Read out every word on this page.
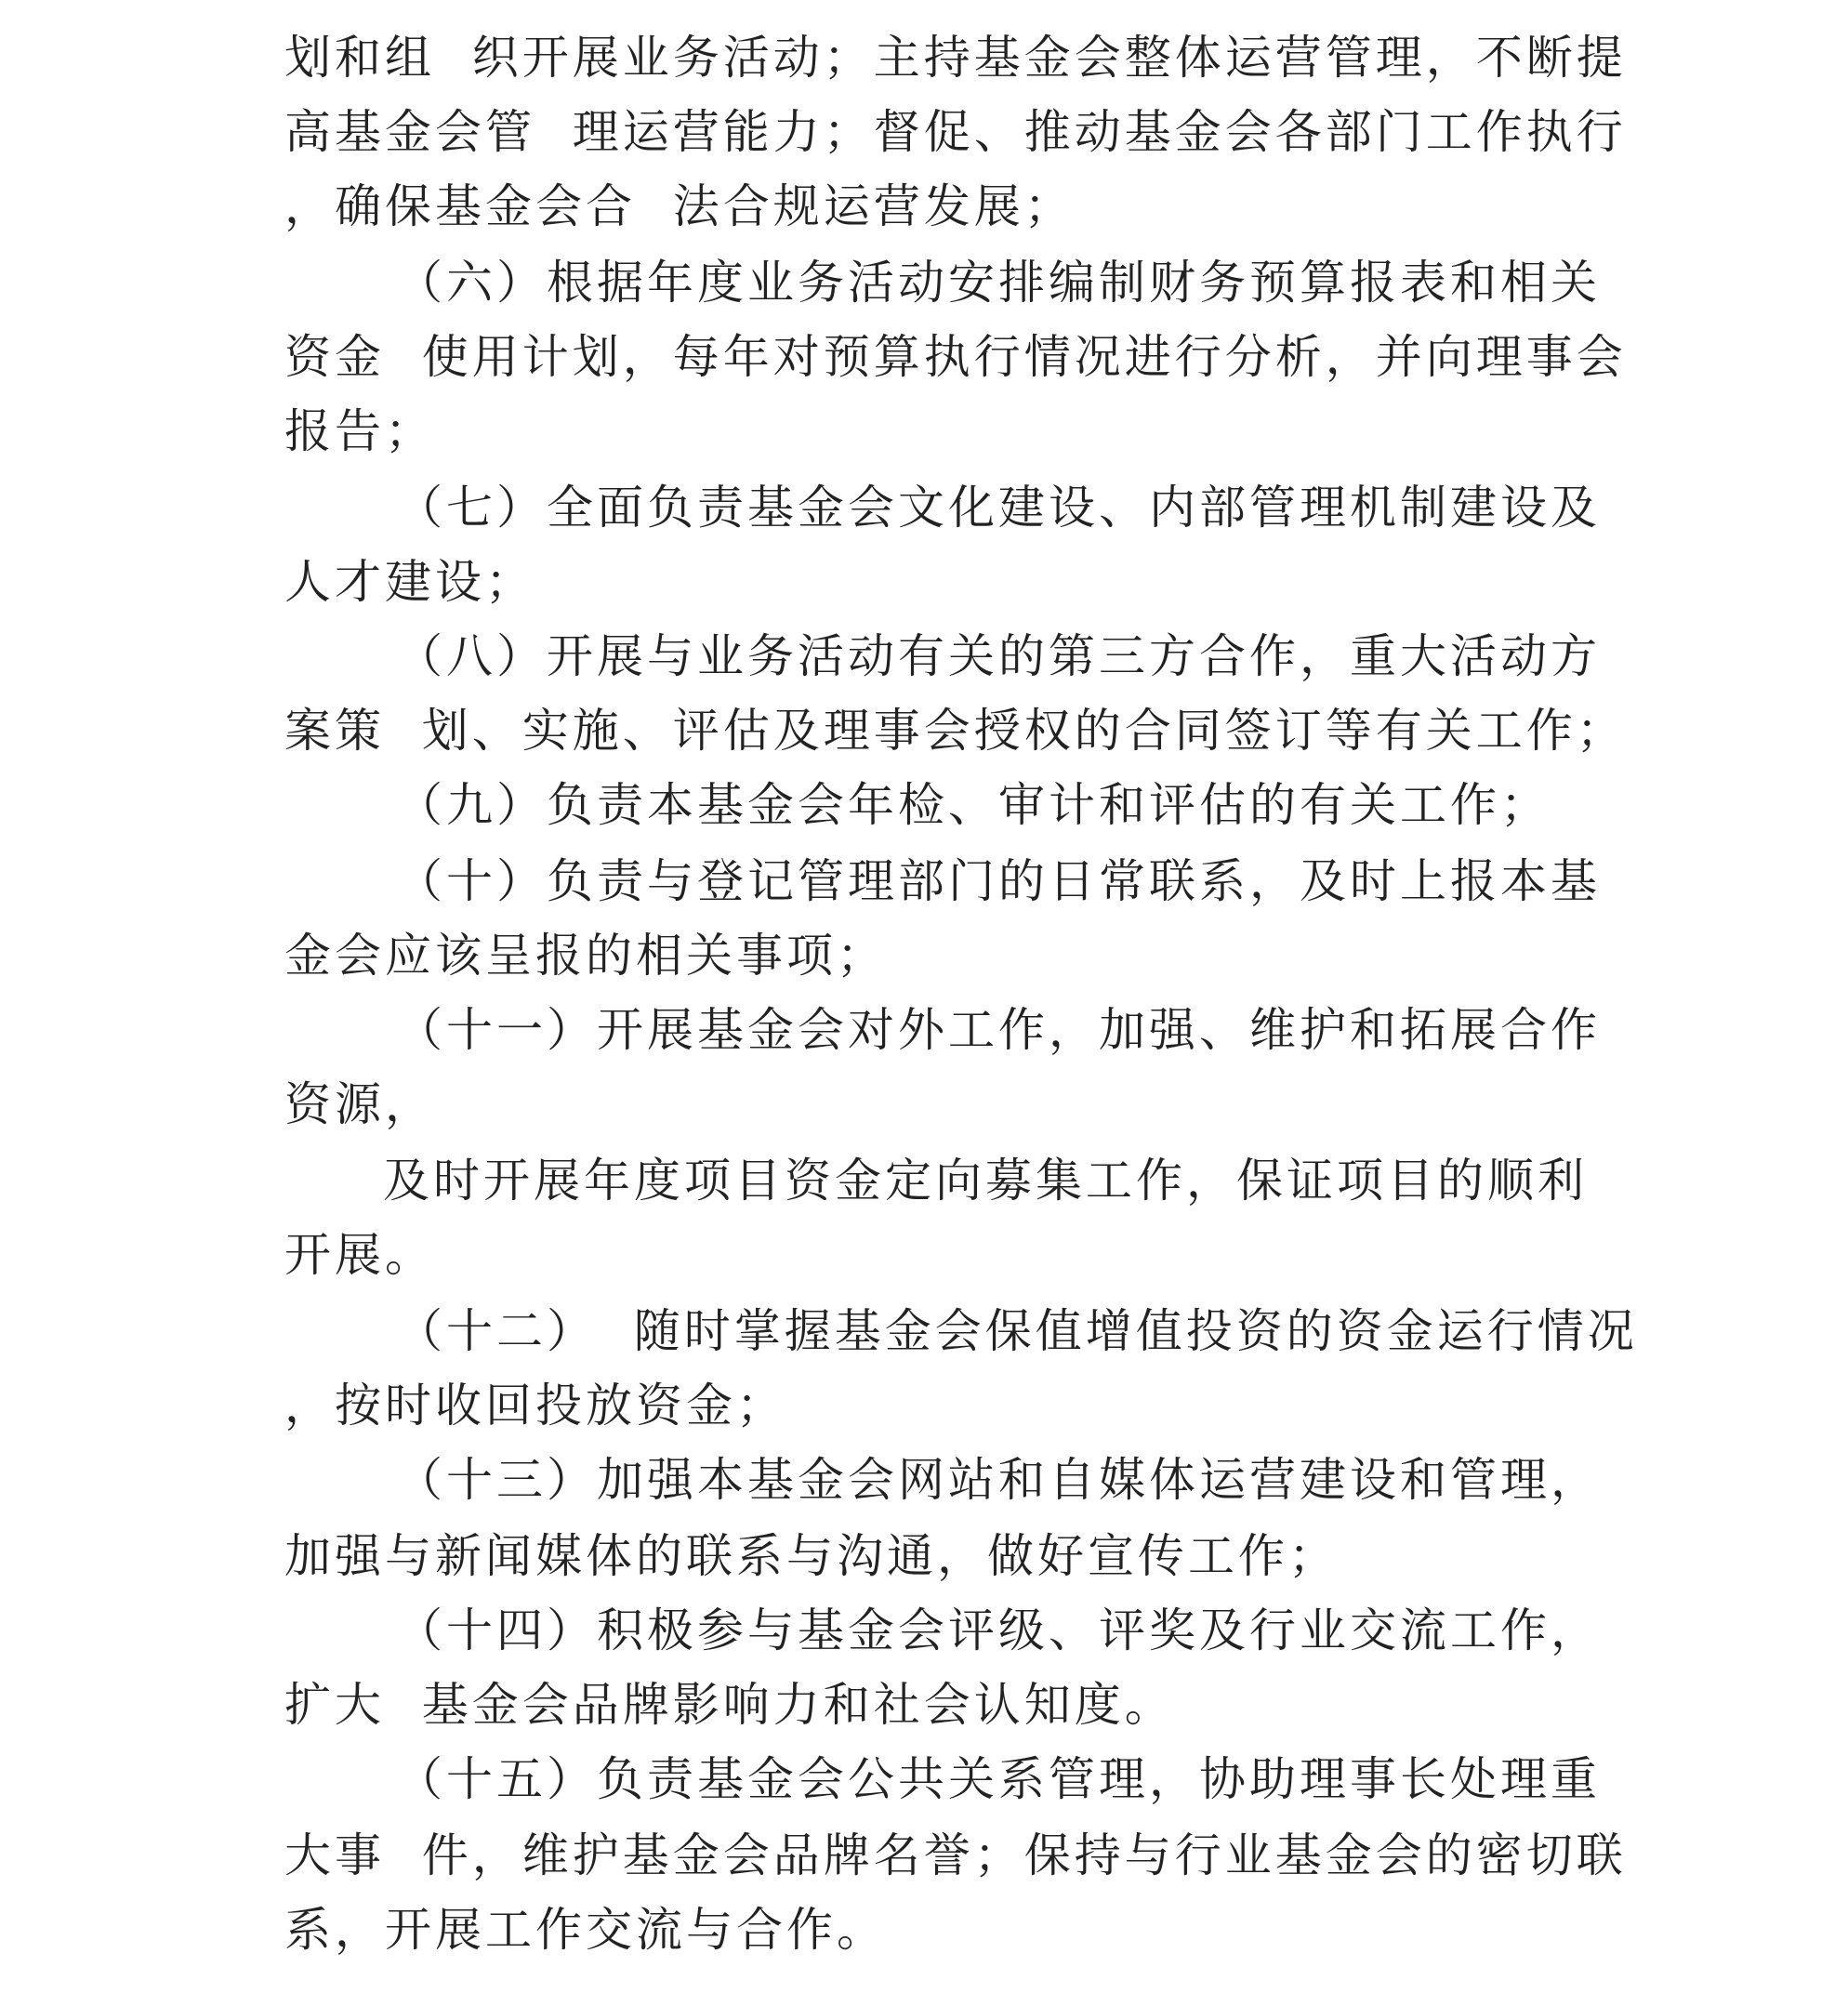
划和组  织开展业务活动；主持基金会整体运营管理，不断提
高基金会管  理运营能力；督促、推动基金会各部门工作执行
，确保基金会合  法合规运营发展；
（六）根据年度业务活动安排编制财务预算报表和相关
资金  使用计划，每年对预算执行情况进行分析，并向理事会
报告；
（七）全面负责基金会文化建设、内部管理机制建设及
人才建设；
（八）开展与业务活动有关的第三方合作，重大活动方
案策  划、实施、评估及理事会授权的合同签订等有关工作；
（九）负责本基金会年检、审计和评估的有关工作；
（十）负责与登记管理部门的日常联系，及时上报本基
金会应该呈报的相关事项；
（十一）开展基金会对外工作，加强、维护和拓展合作
资源，
及时开展年度项目资金定向募集工作，保证项目的顺利
开展。
（十二）  随时掌握基金会保值增值投资的资金运行情况
，按时收回投放资金；
（十三）加强本基金会网站和自媒体运营建设和管理，
加强与新闻媒体的联系与沟通，做好宣传工作；
（十四）积极参与基金会评级、评奖及行业交流工作，
扩大  基金会品牌影响力和社会认知度。
（十五）负责基金会公共关系管理，协助理事长处理重
大事  件，维护基金会品牌名誉；保持与行业基金会的密切联
系，开展工作交流与合作。
